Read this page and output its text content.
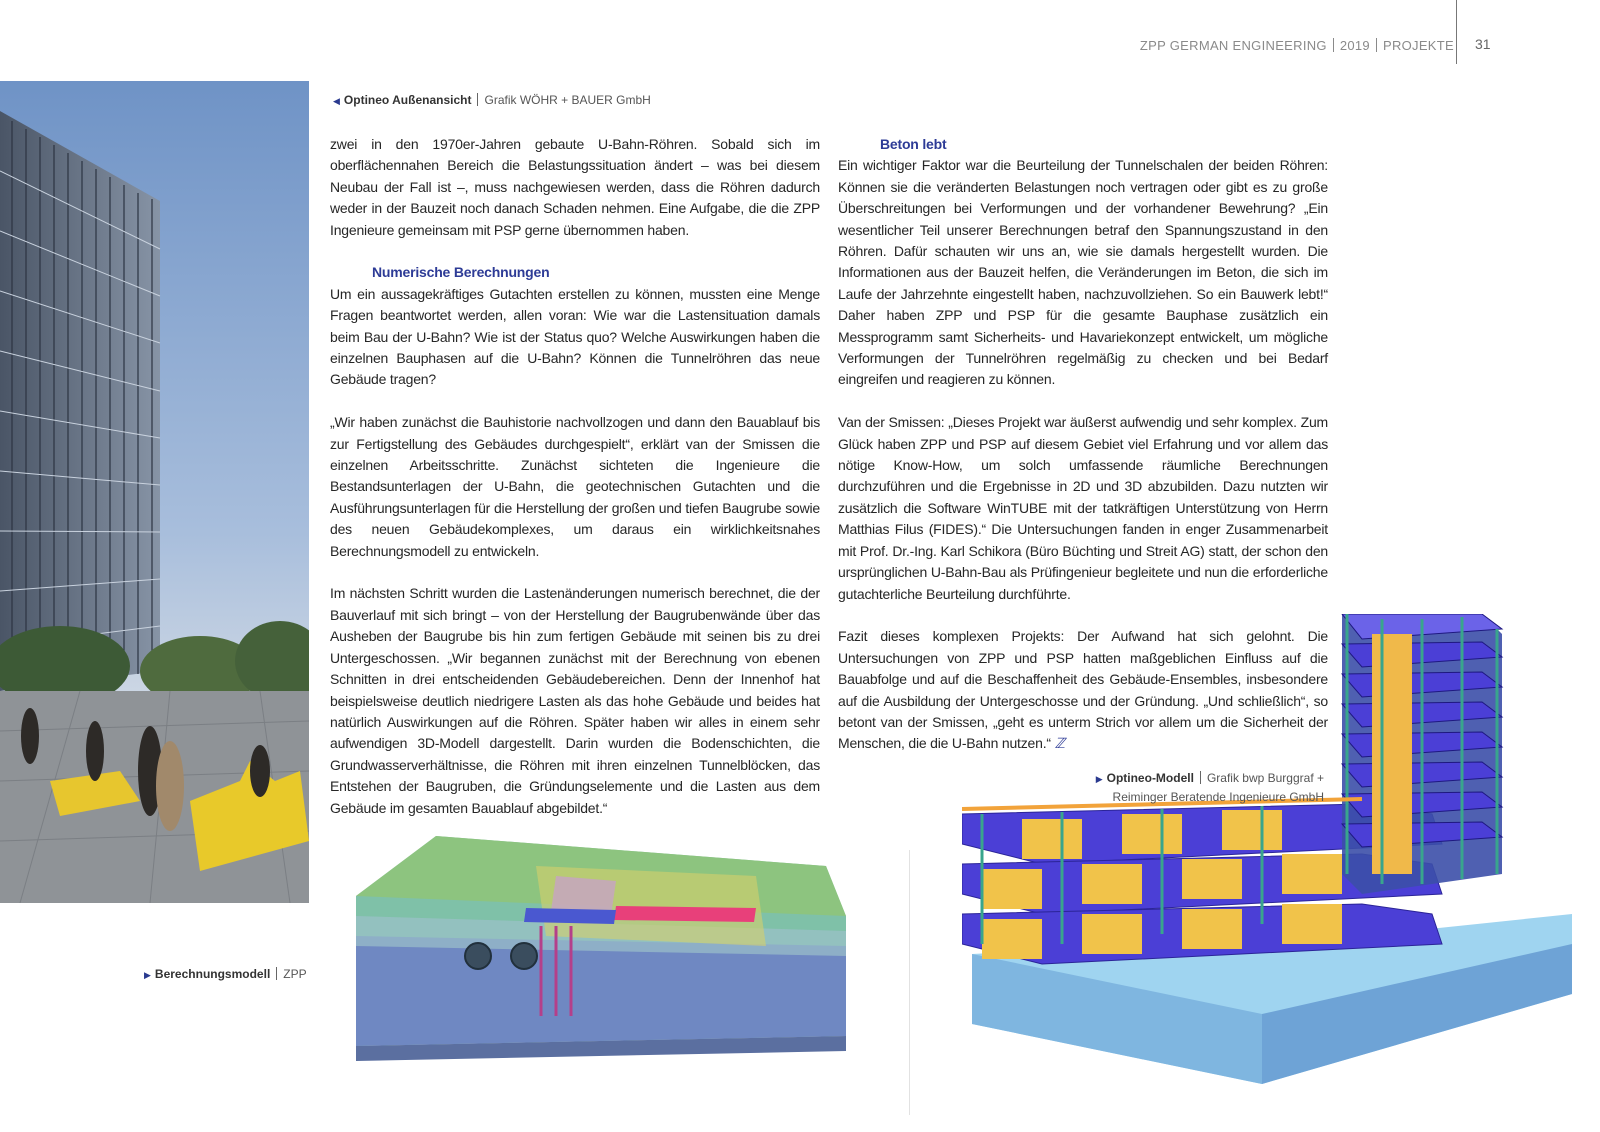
ZPP GERMAN ENGINEERING 2019 PROJEKTE 31
◀ Optineo Außenansicht Grafik WÖHR + BAUER GmbH

zwei in den 1970er-Jahren gebaute U-Bahn-Röhren. Sobald sich im oberflächennahen Bereich die Belastungssituation ändert – was bei diesem Neubau der Fall ist –, muss nachgewiesen werden, dass die Röhren dadurch weder in der Bauzeit noch danach Schaden nehmen. Eine Aufgabe, die die ZPP Ingenieure gemeinsam mit PSP gerne übernommen haben.

Numerische Berechnungen

Um ein aussagekräftiges Gutachten erstellen zu können, mussten eine Menge Fragen beantwortet werden, allen voran: Wie war die Lastensituation damals beim Bau der U-Bahn? Wie ist der Status quo? Welche Auswirkungen haben die einzelnen Bauphasen auf die U-Bahn? Können die Tunnelröhren das neue Gebäude tragen?

„Wir haben zunächst die Bauhistorie nachvollzogen und dann den Bauablauf bis zur Fertigstellung des Gebäudes durchgespielt“, erklärt van der Smissen die einzelnen Arbeitsschritte. Zunächst sichteten die Ingenieure die Bestandsunterlagen der U-Bahn, die geotechnischen Gutachten und die Ausführungsunterlagen für die Herstellung der großen und tiefen Baugrube sowie des neuen Gebäudekomplexes, um daraus ein wirklichkeitsnahes Berechnungsmodell zu entwickeln.

Im nächsten Schritt wurden die Lastenänderungen numerisch berechnet, die der Bauverlauf mit sich bringt – von der Herstellung der Baugrubenwände über das Ausheben der Baugrube bis hin zum fertigen Gebäude mit seinen bis zu drei Untergeschossen. „Wir begannen zunächst mit der Berechnung von ebenen Schnitten in drei entscheidenden Gebäudebereichen. Denn der Innenhof hat beispielsweise deutlich niedrigere Lasten als das hohe Gebäude und beides hat natürlich Auswirkungen auf die Röhren. Später haben wir alles in einem sehr aufwendigen 3D-Modell dargestellt. Darin wurden die Bodenschichten, die Grundwasserverhältnisse, die Röhren mit ihren einzelnen Tunnelblöcken, das Entstehen der Baugruben, die Gründungselemente und die Lasten aus dem Gebäude im gesamten Bauablauf abgebildet.“

Beton lebt

Ein wichtiger Faktor war die Beurteilung der Tunnelschalen der beiden Röhren: Können sie die veränderten Belastungen noch vertragen oder gibt es zu große Überschreitungen bei Verformungen und der vorhandener Bewehrung? „Ein wesentlicher Teil unserer Berechnungen betraf den Spannungszustand in den Röhren. Dafür schauten wir uns an, wie sie damals hergestellt wurden. Die Informationen aus der Bauzeit helfen, die Veränderungen im Beton, die sich im Laufe der Jahrzehnte eingestellt haben, nachzuvollziehen. So ein Bauwerk lebt!“ Daher haben ZPP und PSP für die gesamte Bauphase zusätzlich ein Messprogramm samt Sicherheits- und Havariekonzept entwickelt, um mögliche Verformungen der Tunnelröhren regelmäßig zu checken und bei Bedarf eingreifen und reagieren zu können.

Van der Smissen: „Dieses Projekt war äußerst aufwendig und sehr komplex. Zum Glück haben ZPP und PSP auf diesem Gebiet viel Erfahrung und vor allem das nötige Know-How, um solch umfassende räumliche Berechnungen durchzuführen und die Ergebnisse in 2D und 3D abzubilden. Dazu nutzten wir zusätzlich die Software WinTUBE mit der tatkräftigen Unterstützung von Herrn Matthias Filus (FIDES).“ Die Untersuchungen fanden in enger Zusammenarbeit mit Prof. Dr.-Ing. Karl Schikora (Büro Büchting und Streit AG) statt, der schon den ursprünglichen U-Bahn-Bau als Prüfingenieur begleitete und nun die erforderliche gutachterliche Beurteilung durchführte.

Fazit dieses komplexen Projekts: Der Aufwand hat sich gelohnt. Die Untersuchungen von ZPP und PSP hatten maßgeblichen Einfluss auf die Bauabfolge und auf die Beschaffenheit des Gebäude-Ensembles, insbesondere auf die Ausbildung der Untergeschosse und der Gründung. „Und schließlich“, so betont van der Smissen, „geht es unterm Strich vor allem um die Sicherheit der Menschen, die die U-Bahn nutzen.“ ℤ

▶ Optineo-Modell Grafik bwp Burggraf +
Reiminger Beratende Ingenieure GmbH
▶ Berechnungsmodell ZPP
